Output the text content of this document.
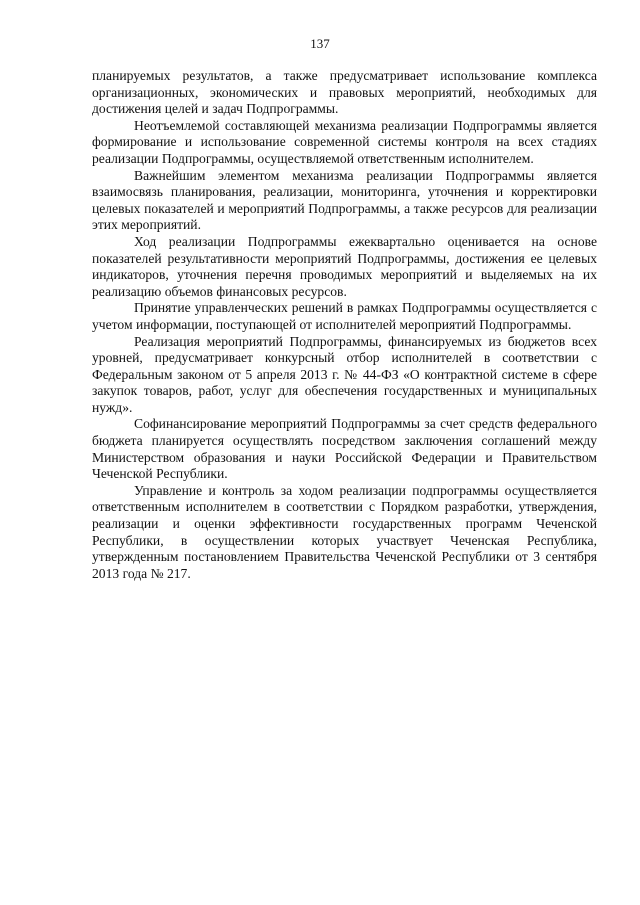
137

планируемых результатов, а также предусматривает использование комплекса организационных, экономических и правовых мероприятий, необходимых для достижения целей и задач Подпрограммы.

Неотъемлемой составляющей механизма реализации Подпрограммы является формирование и использование современной системы контроля на всех стадиях реализации Подпрограммы, осуществляемой ответственным исполнителем.

Важнейшим элементом механизма реализации Подпрограммы является взаимосвязь планирования, реализации, мониторинга, уточнения и корректировки целевых показателей и мероприятий Подпрограммы, а также ресурсов для реализации этих мероприятий.

Ход реализации Подпрограммы ежеквартально оценивается на основе показателей результативности мероприятий Подпрограммы, достижения ее целевых индикаторов, уточнения перечня проводимых мероприятий и выделяемых на их реализацию объемов финансовых ресурсов.

Принятие управленческих решений в рамках Подпрограммы осуществляется с учетом информации, поступающей от исполнителей мероприятий Подпрограммы.

Реализация мероприятий Подпрограммы, финансируемых из бюджетов всех уровней, предусматривает конкурсный отбор исполнителей в соответствии с Федеральным законом от 5 апреля 2013 г. № 44-ФЗ «О контрактной системе в сфере закупок товаров, работ, услуг для обеспечения государственных и муниципальных нужд».

Софинансирование мероприятий Подпрограммы за счет средств федерального бюджета планируется осуществлять посредством заключения соглашений между Министерством образования и науки Российской Федерации и Правительством Чеченской Республики.

Управление и контроль за ходом реализации подпрограммы осуществляется ответственным исполнителем в соответствии с Порядком разработки, утверждения, реализации и оценки эффективности государственных программ Чеченской Республики, в осуществлении которых участвует Чеченская Республика, утвержденным постановлением Правительства Чеченской Республики от 3 сентября 2013 года № 217.
